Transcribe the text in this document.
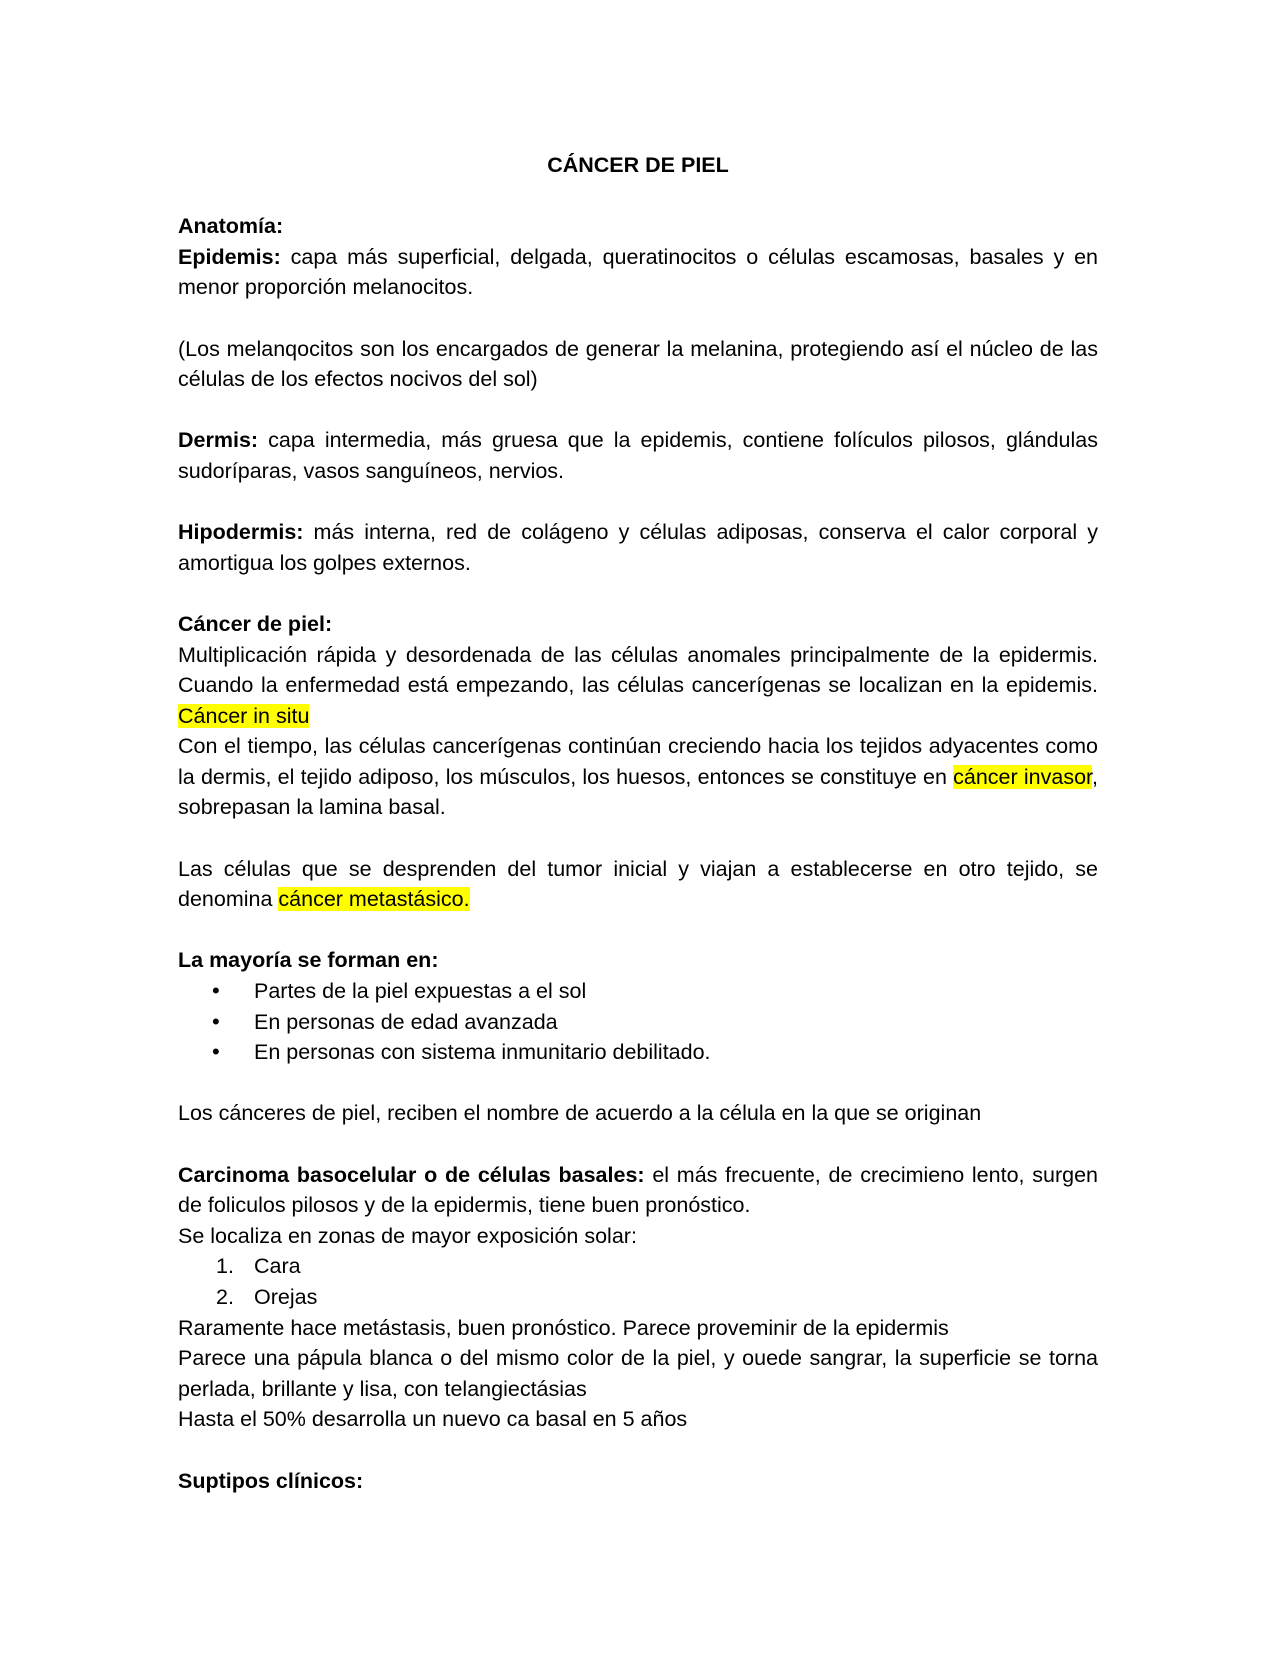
CÁNCER DE PIEL

Anatomía:

Epidemis: capa más superficial, delgada, queratinocitos o células escamosas, basales y en menor proporción melanocitos.

(Los melanqocitos son los encargados de generar la melanina, protegiendo así el núcleo de las células de los efectos nocivos del sol)

Dermis: capa intermedia, más gruesa que la epidemis, contiene folículos pilosos, glándulas sudoríparas, vasos sanguíneos, nervios.

Hipodermis: más interna, red de colágeno y células adiposas, conserva el calor corporal y amortigua los golpes externos.

Cáncer de piel:

Multiplicación rápida y desordenada de las células anomales principalmente de la epidermis. Cuando la enfermedad está empezando, las células cancerígenas se localizan en la epidemis. Cáncer in situ

Con el tiempo, las células cancerígenas continúan creciendo hacia los tejidos adyacentes como la dermis, el tejido adiposo, los músculos, los huesos, entonces se constituye en cáncer invasor, sobrepasan la lamina basal.

Las células que se desprenden del tumor inicial y viajan a establecerse en otro tejido, se denomina cáncer metastásico.

La mayoría se forman en:

• Partes de la piel expuestas a el sol
• En personas de edad avanzada
• En personas con sistema inmunitario debilitado.

Los cánceres de piel, reciben el nombre de acuerdo a la célula en la que se originan

Carcinoma basocelular o de células basales: el más frecuente, de crecimieno lento, surgen de foliculos pilosos y de la epidermis, tiene buen pronóstico.

Se localiza en zonas de mayor exposición solar:

1. Cara
2. Orejas

Raramente hace metástasis, buen pronóstico. Parece proveminir de la epidermis

Parece una pápula blanca o del mismo color de la piel, y ouede sangrar, la superficie se torna perlada, brillante y lisa, con telangiectásias

Hasta el 50% desarrolla un nuevo ca basal en 5 años

Suptipos clínicos:
